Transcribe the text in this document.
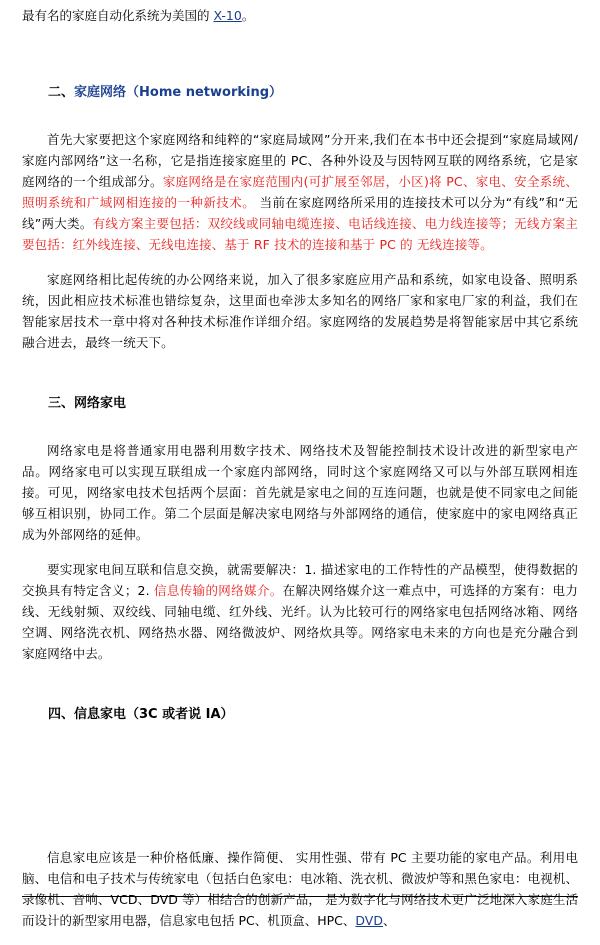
最有名的家庭自动化系统为美国的 X-10。

二、家庭网络（Home networking）

首先大家要把这个家庭网络和纯粹的“家庭局域网”分开来,我们在本书中还会提到“家庭局域网/家庭内部网络”这一名称，它是指连接家庭里的 PC、各种外设及与因特网互联的网络系统，它是家庭网络的一个组成部分。家庭网络是在家庭范围内(可扩展至邻居，小区)将 PC、家电、安全系统、照明系统和广域网相连接的一种新技术。 当前在家庭网络所采用的连接技术可以分为“有线”和“无线”两大类。有线方案主要包括：双绞线或同轴电缆连接、电话线连接、电力线连接等；无线方案主要包括：红外线连接、无线电连接、基于 RF 技术的连接和基于 PC 的 无线连接等。

家庭网络相比起传统的办公网络来说，加入了很多家庭应用产品和系统，如家电设备、照明系统，因此相应技术标准也错综复杂，这里面也牵涉太多知名的网络厂家和家电厂家的利益，我们在智能家居技术一章中将对各种技术标准作详细介绍。家庭网络的发展趋势是将智能家居中其它系统融合进去，最终一统天下。

三、网络家电

网络家电是将普通家用电器利用数字技术、网络技术及智能控制技术设计改进的新型家电产品。网络家电可以实现互联组成一个家庭内部网络，同时这个家庭网络又可以与外部互联网相连接。可见，网络家电技术包括两个层面：首先就是家电之间的互连问题，也就是使不同家电之间能够互相识别，协同工作。第二个层面是解决家电网络与外部网络的通信，使家庭中的家电网络真正成为外部网络的延伸。

要实现家电间互联和信息交换，就需要解决：1. 描述家电的工作特性的产品模型，使得数据的交换具有特定含义；2. 信息传输的网络媒介。在解决网络媒介这一难点中，可选择的方案有：电力线、无线射频、双绞线、同轴电缆、红外线、光纤。认为比较可行的网络家电包括网络冰箱、网络空调、网络洗衣机、网络热水器、网络微波炉、网络炊具等。网络家电未来的方向也是充分融合到家庭网络中去。

四、信息家电（3C 或者说 IA）

信息家电应该是一种价格低廉、操作简便、 实用性强、带有 PC 主要功能的家电产品。利用电脑、电信和电子技术与传统家电（包括白色家电：电冰箱、洗衣机、微波炉等和黑色家电：电视机、录像机、音响、VCD、DVD 等）相结合的创新产品， 是为数字化与网络技术更广泛地深入家庭生活而设计的新型家用电器，信息家电包括 PC、机顶盒、HPC、DVD、
